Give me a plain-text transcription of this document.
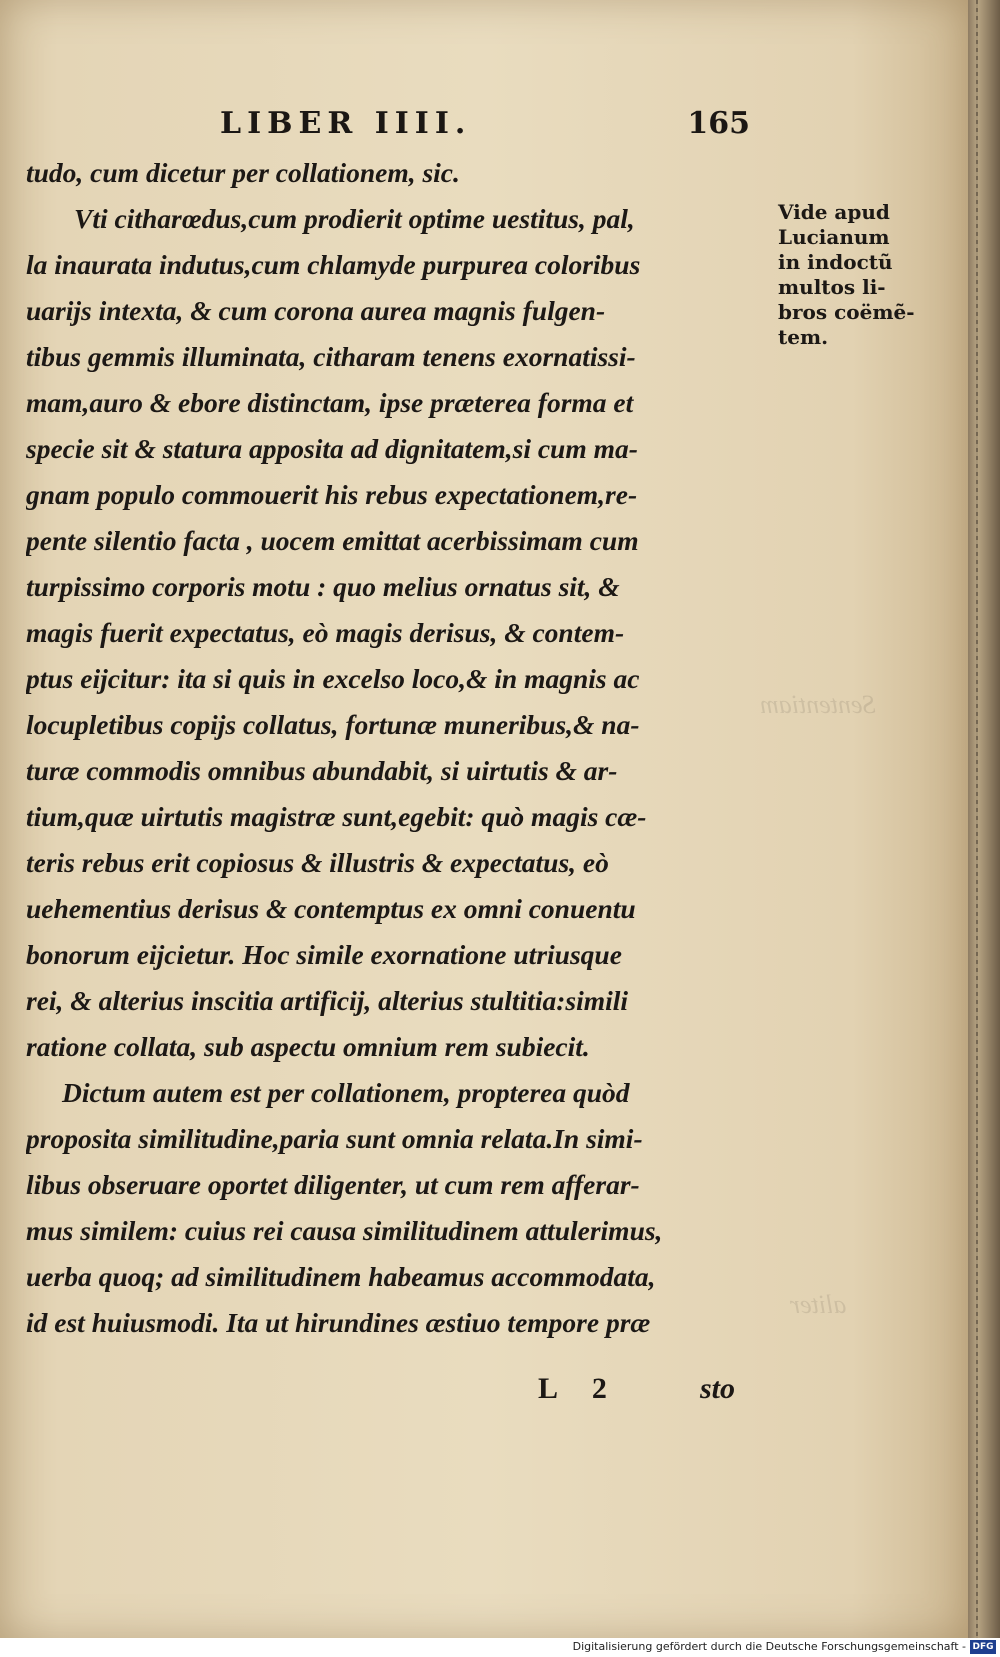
Sententiam
aliter
LIBER IIII.	165
tudo, cum dicetur per collationem, sic.
Vti citharœdus,cum prodierit optime uestitus, pal,
la inaurata indutus,cum chlamyde purpurea coloribus
uarijs intexta, & cum corona aurea magnis fulgen-
tibus gemmis illuminata, citharam tenens exornatissi-
mam,auro & ebore distinctam, ipse præterea forma et
specie sit & statura apposita ad dignitatem,si cum ma-
gnam populo commouerit his rebus expectationem,re-
pente silentio facta , uocem emittat acerbissimam cum
turpissimo corporis motu : quo melius ornatus sit, &
magis fuerit expectatus, eò magis derisus, & contem-
ptus eijcitur: ita si quis in excelso loco,& in magnis ac
locupletibus copijs collatus, fortunæ muneribus,& na-
turæ commodis omnibus abundabit, si uirtutis & ar-
tium,quæ uirtutis magistræ sunt,egebit: quò magis cæ-
teris rebus erit copiosus & illustris & expectatus, eò
uehementius derisus & contemptus ex omni conuentu
bonorum eijcietur. Hoc simile exornatione utriusque
rei, & alterius inscitia artificij, alterius stultitia:simili
ratione collata, sub aspectu omnium rem subiecit.
Dictum autem est per collationem, propterea quòd
proposita similitudine,paria sunt omnia relata.In simi-
libus obseruare oportet diligenter, ut cum rem afferar-
mus similem: cuius rei causa similitudinem attulerimus,
uerba quoq; ad similitudinem habeamus accommodata,
id est huiusmodi. Ita ut hirundines æstiuo tempore præ
Vide apud
Lucianum
in indoctũ
multos li-
bros coëmẽ-
tem.
L 2	sto
Digitalisierung gefördert durch die Deutsche Forschungsgemeinschaft - DFG
